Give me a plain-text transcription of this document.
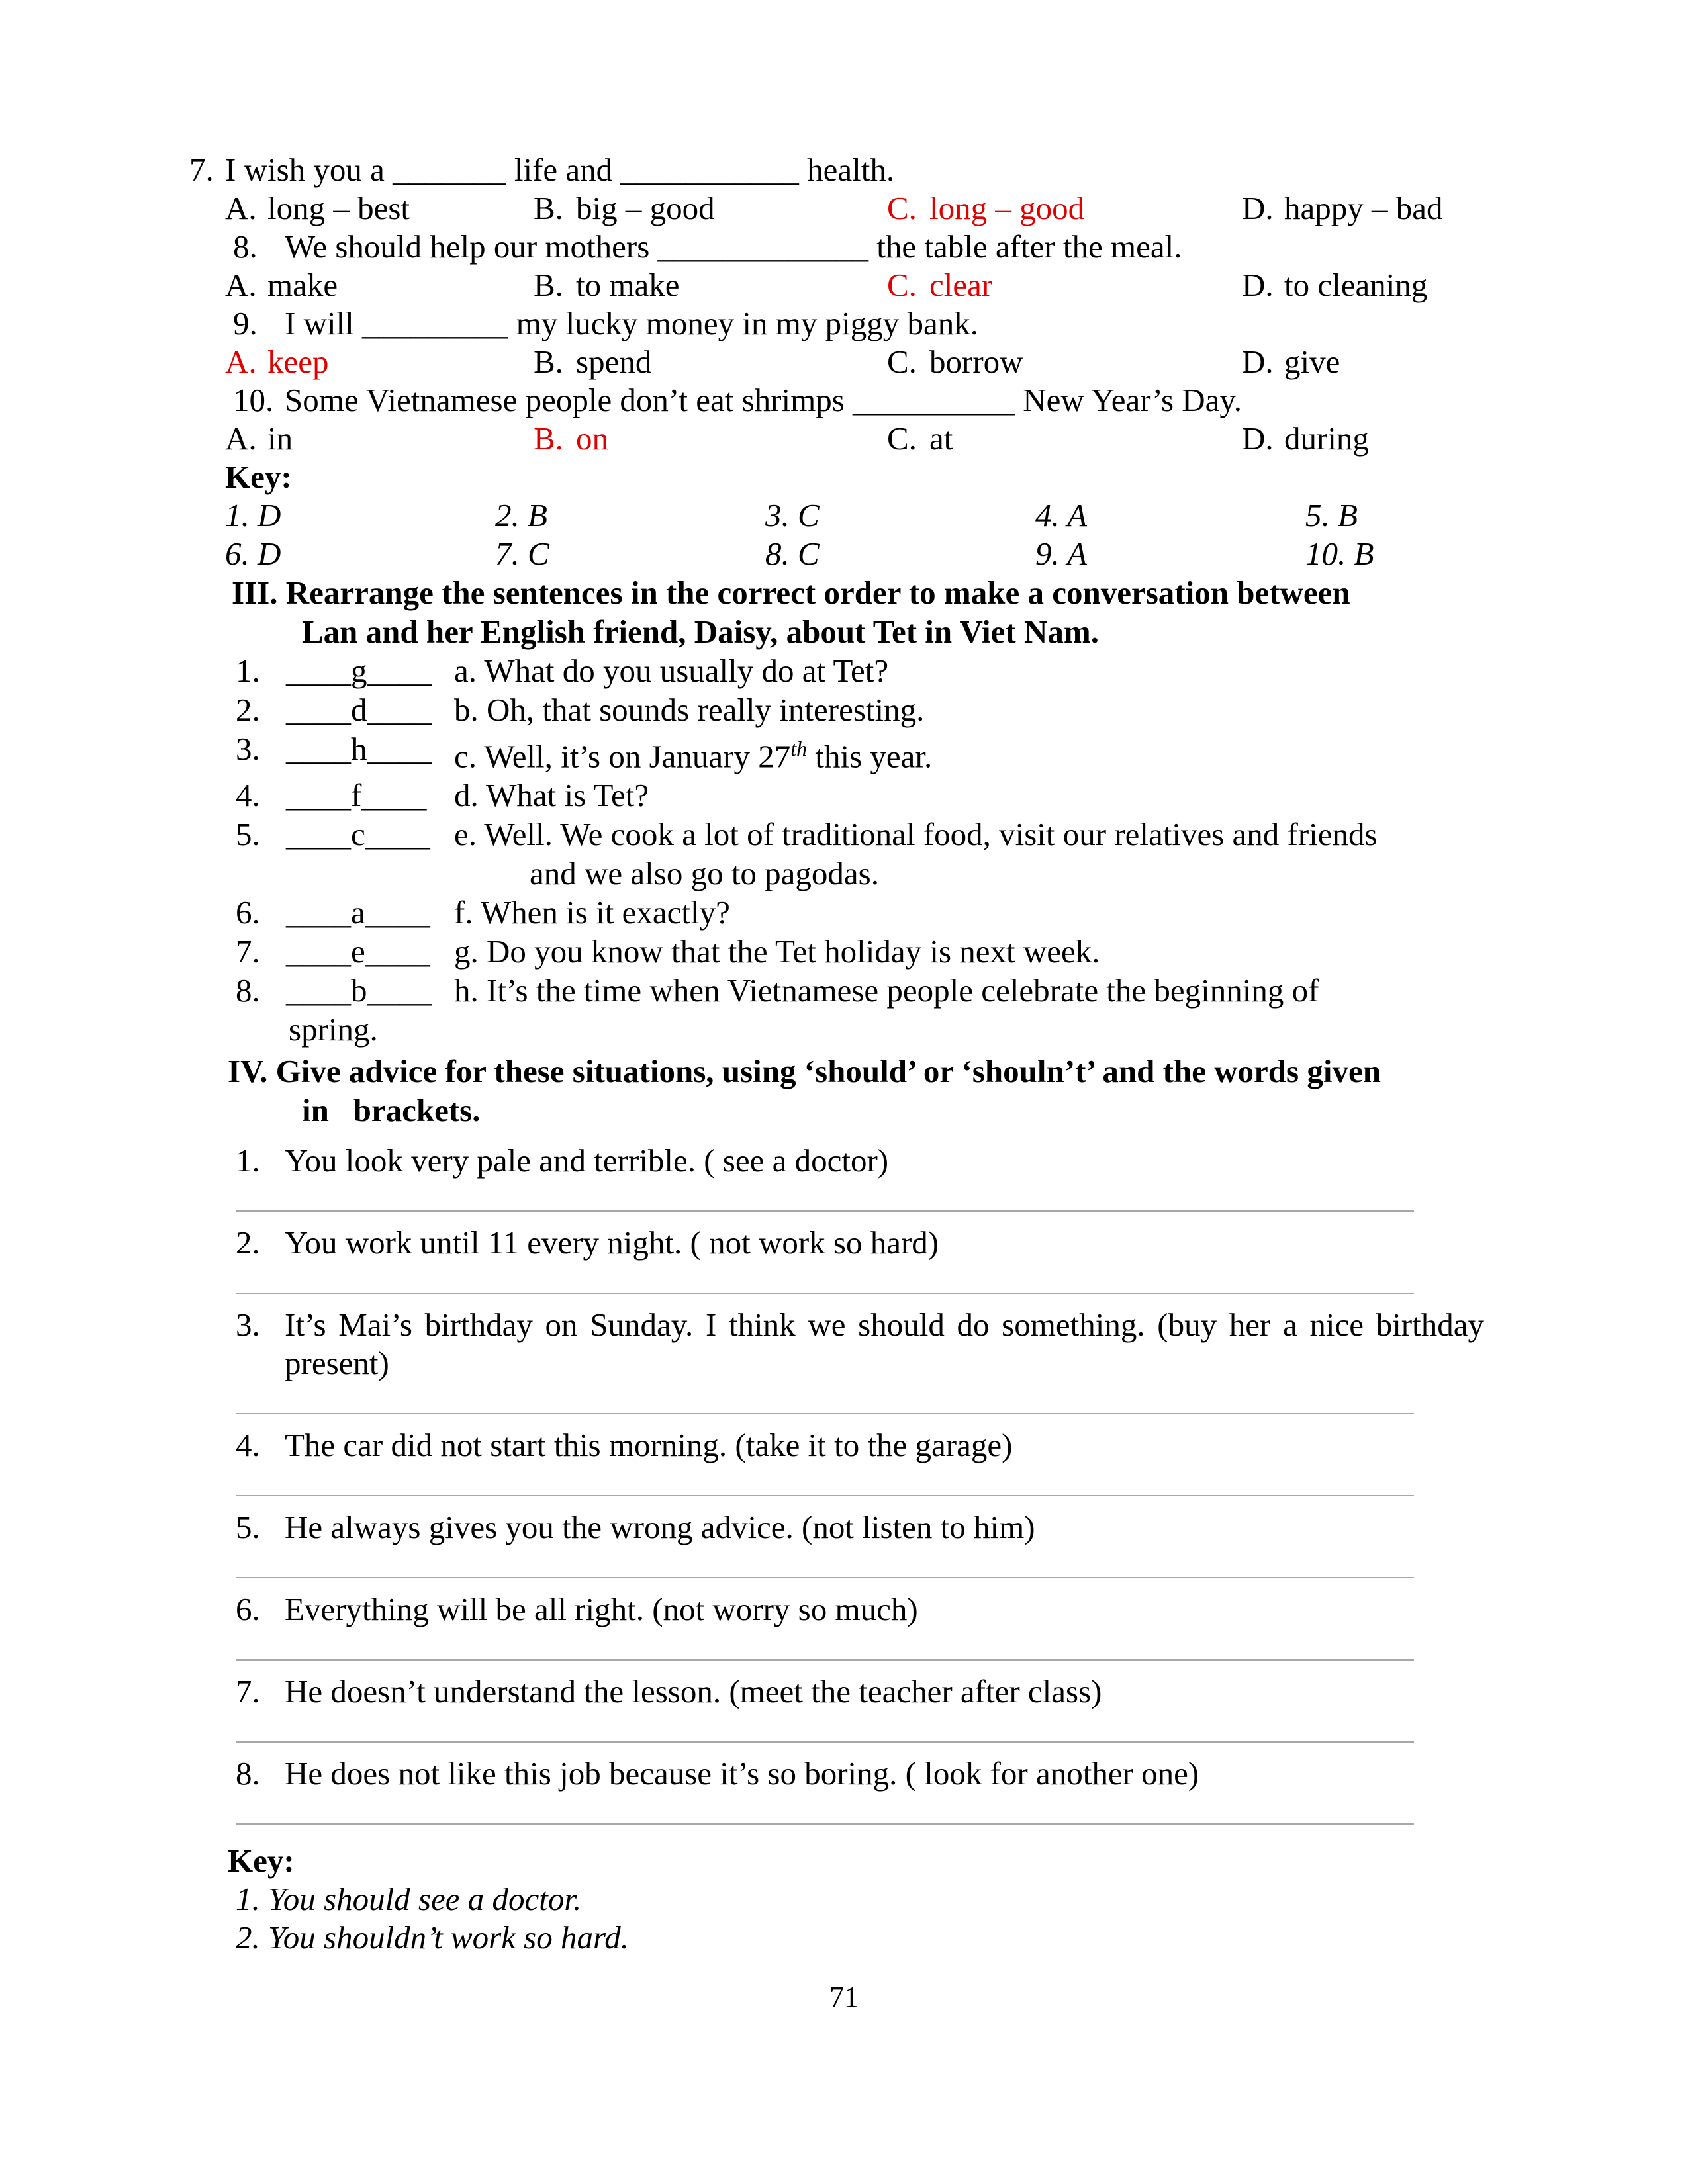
7. I wish you a _______ life and ___________ health.
A. long – best	B. big – good	C. long – good	D. happy – bad
8. We should help our mothers _____________ the table after the meal.
A. make	B. to make	C. clear	D. to cleaning
9. I will _________ my lucky money in my piggy bank.
A. keep	B. spend	C. borrow	D. give
10. Some Vietnamese people don’t eat shrimps __________ New Year’s Day.
A. in	B. on	C. at	D. during
Key:
1. D	2. B	3. C	4. A	5. B
6. D	7. C	8. C	9. A	10. B
III. Rearrange the sentences in the correct order to make a conversation between
Lan and her English friend, Daisy, about Tet in Viet Nam.
1. ____g____ a. What do you usually do at Tet?
2. ____d____ b. Oh, that sounds really interesting.
3. ____h____ c. Well, it’s on January 27th this year.
4. ____f____ d. What is Tet?
5. ____c____ e. Well. We cook a lot of traditional food, visit our relatives and friends
and we also go to pagodas.
6. ____a____ f. When is it exactly?
7. ____e____ g. Do you know that the Tet holiday is next week.
8. ____b____ h. It’s the time when Vietnamese people celebrate the beginning of
spring.
IV. Give advice for these situations, using ‘should’ or ‘shouln’t’ and the words given
in   brackets.
1. You look very pale and terrible. ( see a doctor)
2. You work until 11 every night. ( not work so hard)
3. It’s Mai’s birthday on Sunday. I think we should do something. (buy her a nice birthday present)
4. The car did not start this morning. (take it to the garage)
5. He always gives you the wrong advice. (not listen to him)
6. Everything will be all right. (not worry so much)
7. He doesn’t understand the lesson. (meet the teacher after class)
8. He does not like this job because it’s so boring. ( look for another one)
Key:
1. You should see a doctor.
2. You shouldn’t work so hard.
71
